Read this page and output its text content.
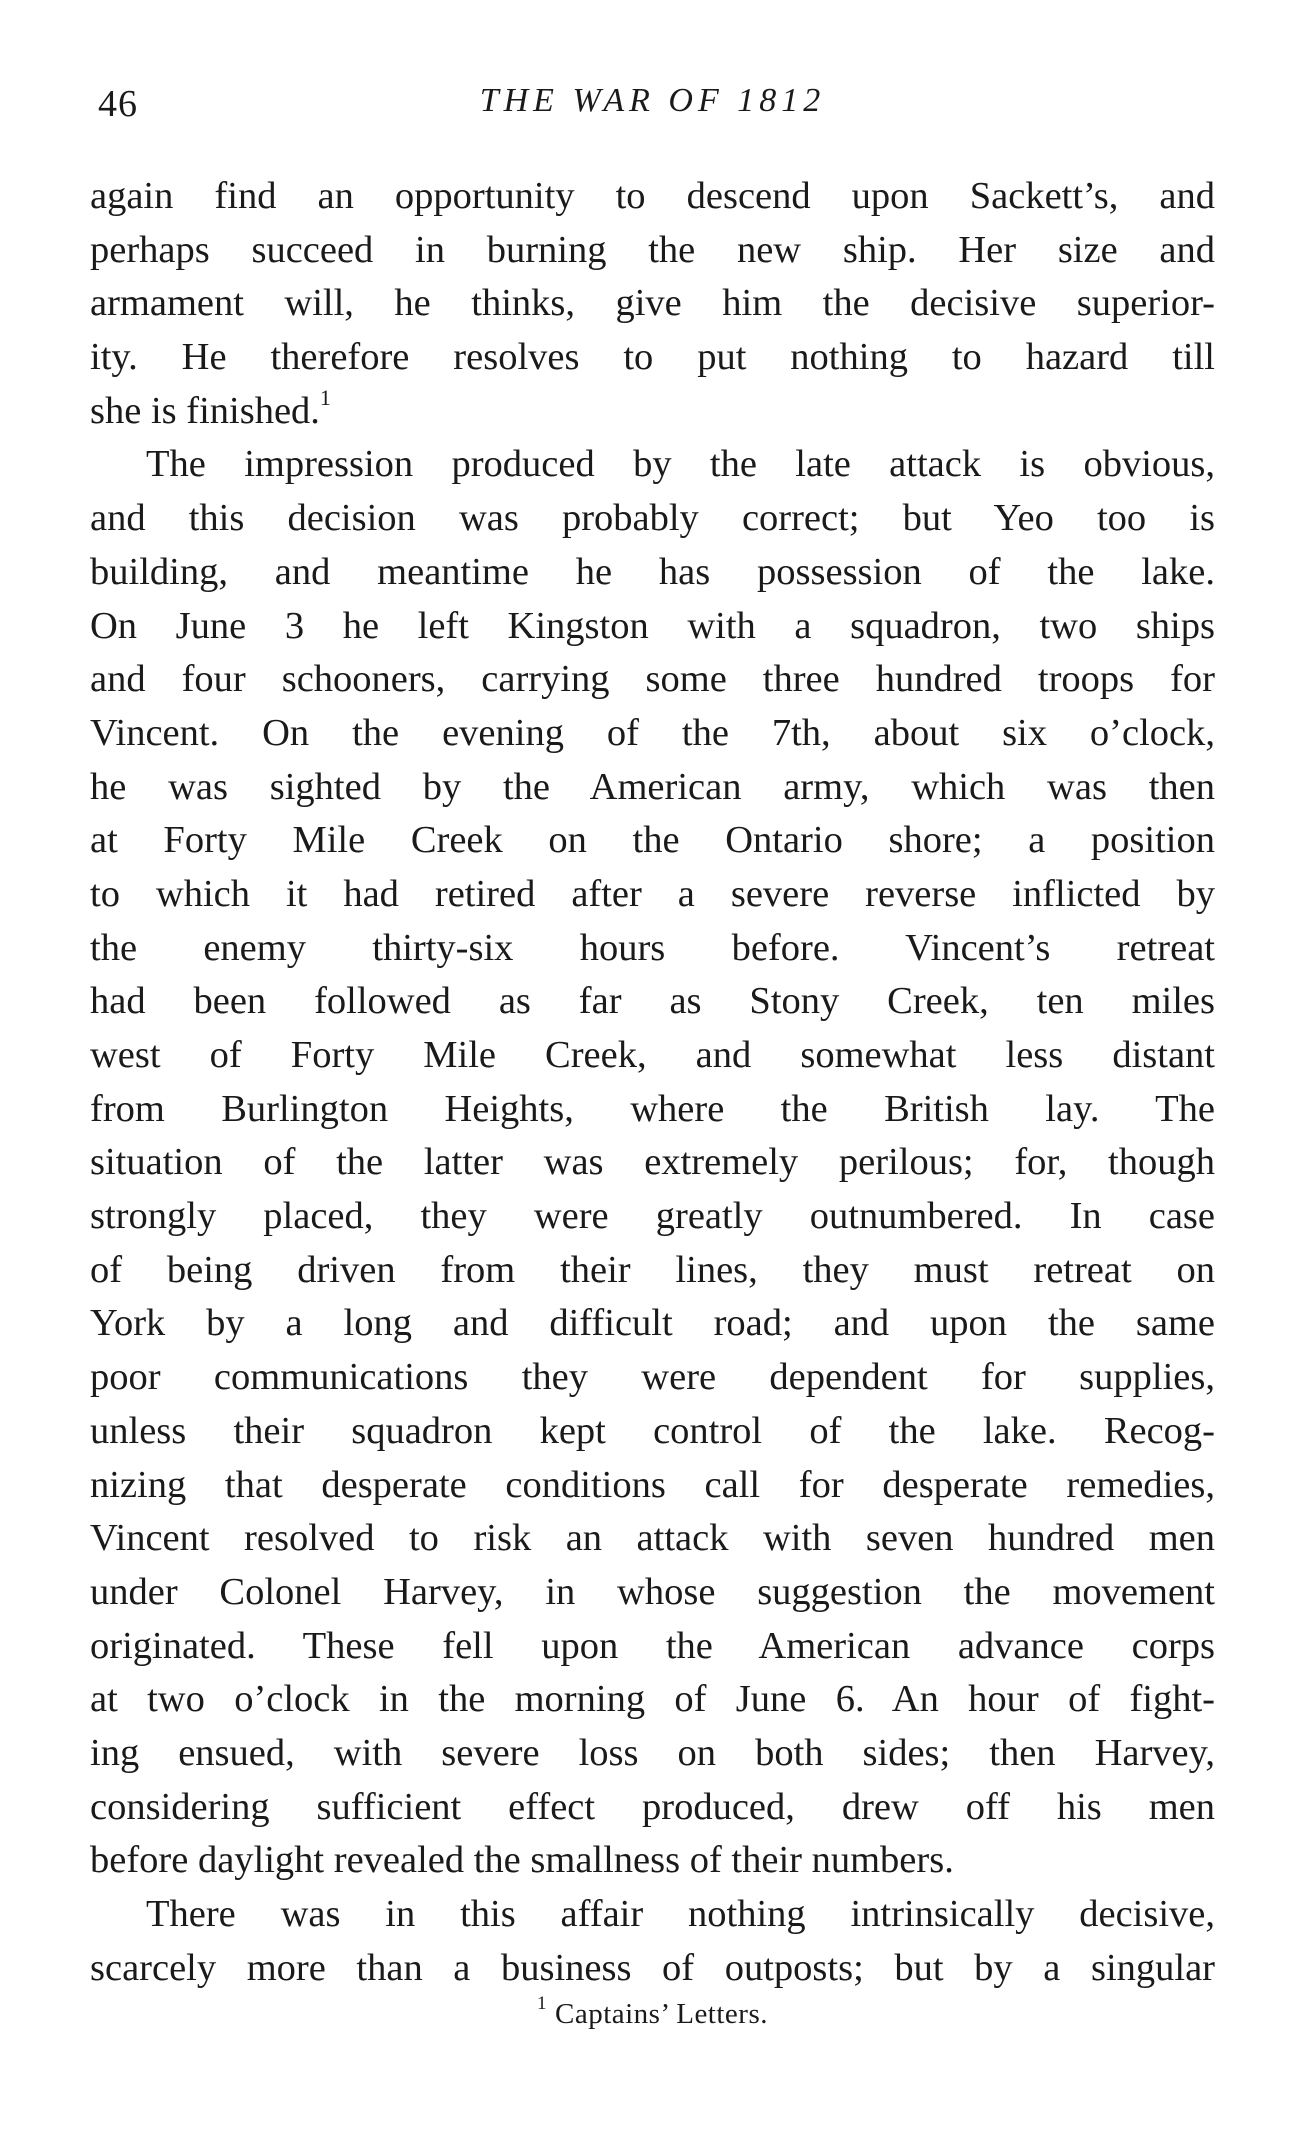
46	THE WAR OF 1812
again find an opportunity to descend upon Sackett’s, and
perhaps succeed in burning the new ship. Her size and
armament will, he thinks, give him the decisive superior-
ity. He therefore resolves to put nothing to hazard till
she is finished.$^1$
The impression produced by the late attack is obvious,
and this decision was probably correct; but Yeo too is
building, and meantime he has possession of the lake.
On June 3 he left Kingston with a squadron, two ships
and four schooners, carrying some three hundred troops for
Vincent. On the evening of the 7th, about six o’clock,
he was sighted by the American army, which was then
at Forty Mile Creek on the Ontario shore; a position
to which it had retired after a severe reverse inflicted by
the enemy thirty-six hours before. Vincent’s retreat
had been followed as far as Stony Creek, ten miles
west of Forty Mile Creek, and somewhat less distant
from Burlington Heights, where the British lay. The
situation of the latter was extremely perilous; for, though
strongly placed, they were greatly outnumbered. In case
of being driven from their lines, they must retreat on
York by a long and difficult road; and upon the same
poor communications they were dependent for supplies,
unless their squadron kept control of the lake. Recog-
nizing that desperate conditions call for desperate remedies,
Vincent resolved to risk an attack with seven hundred men
under Colonel Harvey, in whose suggestion the movement
originated. These fell upon the American advance corps
at two o’clock in the morning of June 6. An hour of fight-
ing ensued, with severe loss on both sides; then Harvey,
considering sufficient effect produced, drew off his men
before daylight revealed the smallness of their numbers.
There was in this affair nothing intrinsically decisive,
scarcely more than a business of outposts; but by a singular
$^1$ Captains’ Letters.
